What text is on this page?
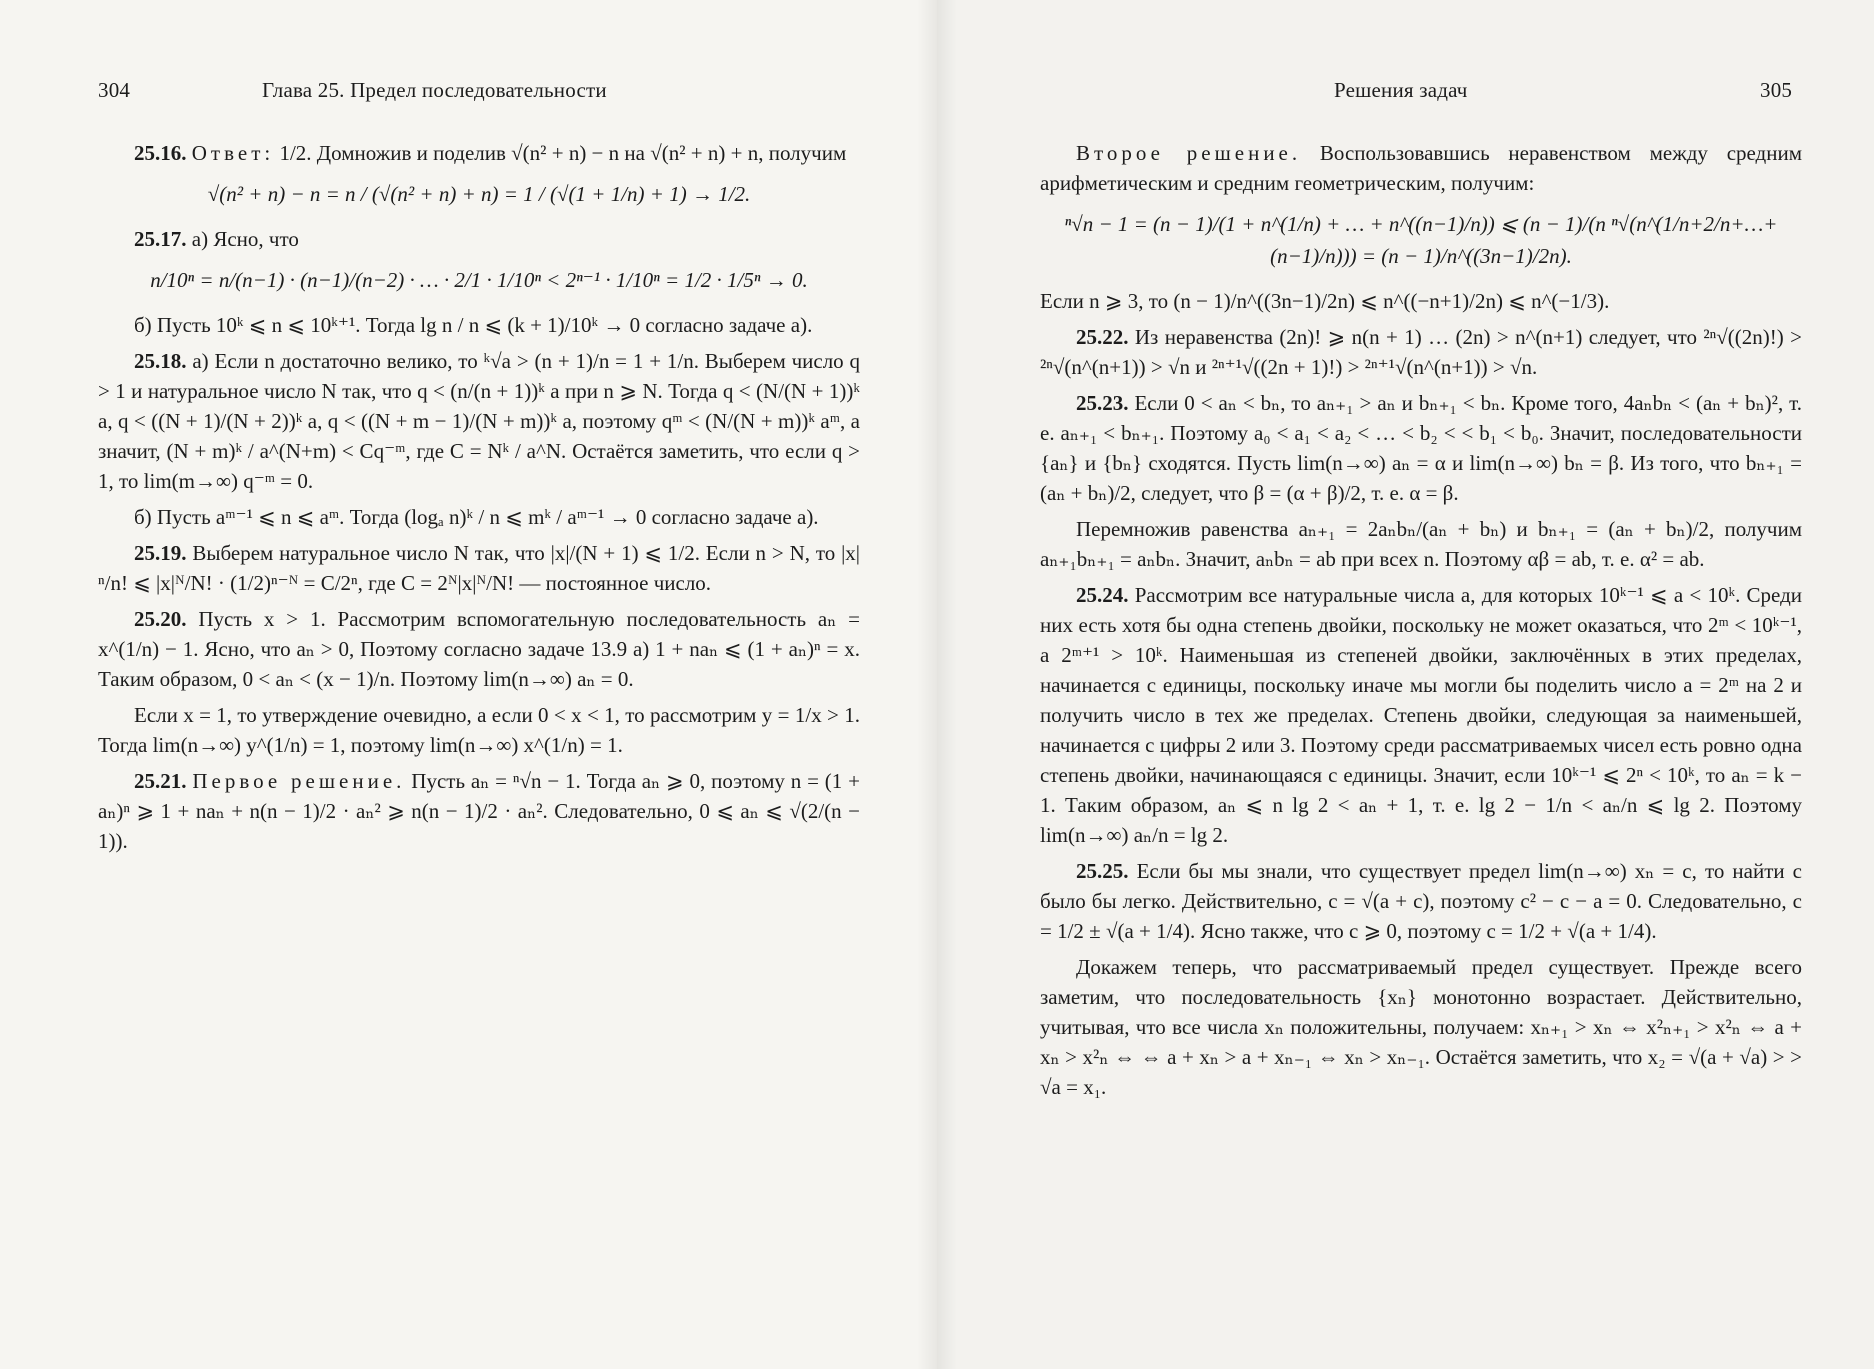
304	Глава 25. Предел последовательности
25.16. Ответ: 1/2. Домножив и поделив √(n² + n) − n на √(n² + n) + n, получим
√(n² + n) − n = n / (√(n² + n) + n) = 1 / (√(1 + 1/n) + 1) → 1/2.
25.17. а) Ясно, что
n/10ⁿ = n/(n−1) · (n−1)/(n−2) · … · 2/1 · 1/10ⁿ < 2ⁿ⁻¹ · 1/10ⁿ = 1/2 · 1/5ⁿ → 0.
б) Пусть 10ᵏ ⩽ n ⩽ 10ᵏ⁺¹. Тогда lg n / n ⩽ (k + 1)/10ᵏ → 0 согласно задаче а).
25.18. а) Если n достаточно велико, то ᵏ√a > (n + 1)/n = 1 + 1/n. Выберем число q > 1 и натуральное число N так, что q < (n/(n + 1))ᵏ a при n ⩾ N. Тогда q < (N/(N + 1))ᵏ a, q < ((N + 1)/(N + 2))ᵏ a, q < ((N + m − 1)/(N + m))ᵏ a, поэтому qᵐ < (N/(N + m))ᵏ aᵐ, а значит, (N + m)ᵏ / a^(N+m) < Cq⁻ᵐ, где C = Nᵏ / a^N. Остаётся заметить, что если q > 1, то lim(m→∞) q⁻ᵐ = 0.
б) Пусть aᵐ⁻¹ ⩽ n ⩽ aᵐ. Тогда (logₐ n)ᵏ / n ⩽ mᵏ / aᵐ⁻¹ → 0 согласно задаче а).
25.19. Выберем натуральное число N так, что |x|/(N + 1) ⩽ 1/2. Если n > N, то |x|ⁿ/n! ⩽ |x|ᴺ/N! · (1/2)ⁿ⁻ᴺ = C/2ⁿ, где C = 2ᴺ|x|ᴺ/N! — постоянное число.
25.20. Пусть x > 1. Рассмотрим вспомогательную последовательность aₙ = x^(1/n) − 1. Ясно, что aₙ > 0, Поэтому согласно задаче 13.9 а) 1 + naₙ ⩽ (1 + aₙ)ⁿ = x. Таким образом, 0 < aₙ < (x − 1)/n. Поэтому lim(n→∞) aₙ = 0.
Если x = 1, то утверждение очевидно, а если 0 < x < 1, то рассмотрим y = 1/x > 1. Тогда lim(n→∞) y^(1/n) = 1, поэтому lim(n→∞) x^(1/n) = 1.
25.21. Первое решение. Пусть aₙ = ⁿ√n − 1. Тогда aₙ ⩾ 0, поэтому n = (1 + aₙ)ⁿ ⩾ 1 + naₙ + n(n − 1)/2 · aₙ² ⩾ n(n − 1)/2 · aₙ². Следовательно, 0 ⩽ aₙ ⩽ √(2/(n − 1)).
Решения задач	305
Второе решение. Воспользовавшись неравенством между средним арифметическим и средним геометрическим, получим:
ⁿ√n − 1 = (n − 1)/(1 + n^(1/n) + … + n^((n−1)/n)) ⩽ (n − 1)/(n ⁿ√(n^(1/n+2/n+…+(n−1)/n))) = (n − 1)/n^((3n−1)/2n).
Если n ⩾ 3, то (n − 1)/n^((3n−1)/2n) ⩽ n^((−n+1)/2n) ⩽ n^(−1/3).
25.22. Из неравенства (2n)! ⩾ n(n + 1) … (2n) > n^(n+1) следует, что ²ⁿ√((2n)!) > ²ⁿ√(n^(n+1)) > √n и ²ⁿ⁺¹√((2n + 1)!) > ²ⁿ⁺¹√(n^(n+1)) > √n.
25.23. Если 0 < aₙ < bₙ, то aₙ₊₁ > aₙ и bₙ₊₁ < bₙ. Кроме того, 4aₙbₙ < (aₙ + bₙ)², т. е. aₙ₊₁ < bₙ₊₁. Поэтому a₀ < a₁ < a₂ < … < b₂ < < b₁ < b₀. Значит, последовательности {aₙ} и {bₙ} сходятся. Пусть lim(n→∞) aₙ = α и lim(n→∞) bₙ = β. Из того, что bₙ₊₁ = (aₙ + bₙ)/2, следует, что β = (α + β)/2, т. е. α = β.
Перемножив равенства aₙ₊₁ = 2aₙbₙ/(aₙ + bₙ) и bₙ₊₁ = (aₙ + bₙ)/2, получим aₙ₊₁bₙ₊₁ = aₙbₙ. Значит, aₙbₙ = ab при всех n. Поэтому αβ = ab, т. е. α² = ab.
25.24. Рассмотрим все натуральные числа a, для которых 10ᵏ⁻¹ ⩽ a < 10ᵏ. Среди них есть хотя бы одна степень двойки, поскольку не может оказаться, что 2ᵐ < 10ᵏ⁻¹, а 2ᵐ⁺¹ > 10ᵏ. Наименьшая из степеней двойки, заключённых в этих пределах, начинается с единицы, поскольку иначе мы могли бы поделить число a = 2ᵐ на 2 и получить число в тех же пределах. Степень двойки, следующая за наименьшей, начинается с цифры 2 или 3. Поэтому среди рассматриваемых чисел есть ровно одна степень двойки, начинающаяся с единицы. Значит, если 10ᵏ⁻¹ ⩽ 2ⁿ < 10ᵏ, то aₙ = k − 1. Таким образом, aₙ ⩽ n lg 2 < aₙ + 1, т. е. lg 2 − 1/n < aₙ/n ⩽ lg 2. Поэтому lim(n→∞) aₙ/n = lg 2.
25.25. Если бы мы знали, что существует предел lim(n→∞) xₙ = c, то найти c было бы легко. Действительно, c = √(a + c), поэтому c² − c − a = 0. Следовательно, c = 1/2 ± √(a + 1/4). Ясно также, что c ⩾ 0, поэтому c = 1/2 + √(a + 1/4).
Докажем теперь, что рассматриваемый предел существует. Прежде всего заметим, что последовательность {xₙ} монотонно возрастает. Действительно, учитывая, что все числа xₙ положительны, получаем: xₙ₊₁ > xₙ ⇔ x²ₙ₊₁ > x²ₙ ⇔ a + xₙ > x²ₙ ⇔ ⇔ a + xₙ > a + xₙ₋₁ ⇔ xₙ > xₙ₋₁. Остаётся заметить, что x₂ = √(a + √a) > > √a = x₁.
